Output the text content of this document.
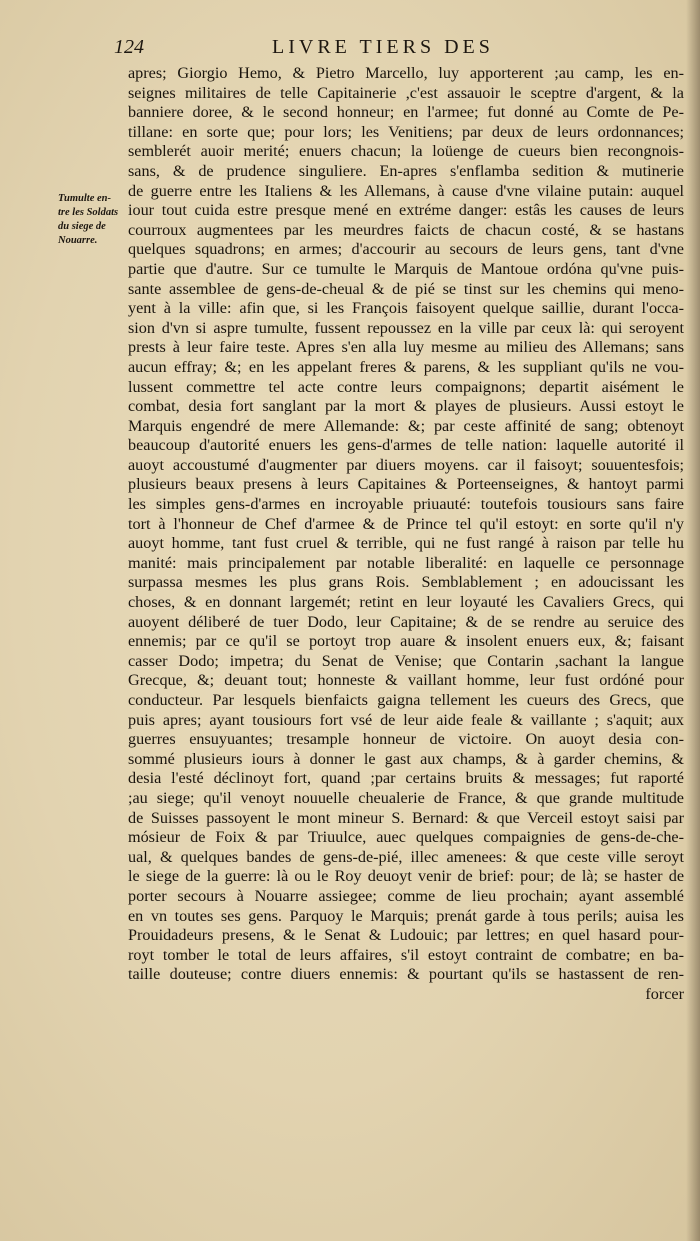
124	LIVRE TIERS DES
Tumulte en-
tre les Soldats
du siege de
Nouarre.
apres; Giorgio Hemo, & Pietro Marcello, luy apporterent ;au camp, les en-
seignes militaires de telle Capitainerie ,c'est assauoir le sceptre d'argent, & la
banniere doree, & le second honneur; en l'armee; fut donné au Comte de Pe-
tillane: en sorte que; pour lors; les Venitiens; par deux de leurs ordonnances;
semblerét auoir merité; enuers chacun; la loüenge de cueurs bien recongnois-
sans, & de prudence singuliere. En-apres s'enflamba sedition & mutinerie
de guerre entre les Italiens & les Allemans, à cause d'vne vilaine putain: auquel
iour tout cuida estre presque mené en extréme danger: estâs les causes de leurs
courroux augmentees par les meurdres faicts de chacun costé, & se hastans
quelques squadrons; en armes; d'accourir au secours de leurs gens, tant d'vne
partie que d'autre. Sur ce tumulte le Marquis de Mantoue ordóna qu'vne puis-
sante assemblee de gens-de-cheual & de pié se tinst sur les chemins qui meno-
yent à la ville: afin que, si les François faisoyent quelque saillie, durant l'occa-
sion d'vn si aspre tumulte, fussent repoussez en la ville par ceux là: qui seroyent
prests à leur faire teste. Apres s'en alla luy mesme au milieu des Allemans; sans
aucun effray; &; en les appelant freres & parens, & les suppliant qu'ils ne vou-
lussent commettre tel acte contre leurs compaignons; departit aisément le
combat, desia fort sanglant par la mort & playes de plusieurs. Aussi estoyt le
Marquis engendré de mere Allemande: &; par ceste affinité de sang; obtenoyt
beaucoup d'autorité enuers les gens-d'armes de telle nation: laquelle autorité il
auoyt accoustumé d'augmenter par diuers moyens. car il faisoyt; souuentesfois;
plusieurs beaux presens à leurs Capitaines & Porteenseignes, & hantoyt parmi
les simples gens-d'armes en incroyable priuauté: toutefois tousiours sans faire
tort à l'honneur de Chef d'armee & de Prince tel qu'il estoyt: en sorte qu'il n'y
auoyt homme, tant fust cruel & terrible, qui ne fust rangé à raison par telle hu
manité: mais principalement par notable liberalité: en laquelle ce personnage
surpassa mesmes les plus grans Rois. Semblablement ; en adoucissant les
choses, & en donnant largemét; retint en leur loyauté les Cavaliers Grecs, qui
auoyent déliberé de tuer Dodo, leur Capitaine; & de se rendre au seruice des
ennemis; par ce qu'il se portoyt trop auare & insolent enuers eux, &; faisant
casser Dodo; impetra; du Senat de Venise; que Contarin ,sachant la langue
Grecque, &; deuant tout; honneste & vaillant homme, leur fust ordóné pour
conducteur. Par lesquels bienfaicts gaigna tellement les cueurs des Grecs, que
puis apres; ayant tousiours fort vsé de leur aide feale & vaillante ; s'aquit; aux
guerres ensuyuantes; tresample honneur de victoire. On auoyt desia con-
sommé plusieurs iours à donner le gast aux champs, & à garder chemins, &
desia l'esté déclinoyt fort, quand ;par certains bruits & messages; fut raporté
;au siege; qu'il venoyt nouuelle cheualerie de France, & que grande multitude
de Suisses passoyent le mont mineur S. Bernard: & que Verceil estoyt saisi par
mósieur de Foix & par Triuulce, auec quelques compaignies de gens-de-che-
ual, & quelques bandes de gens-de-pié, illec amenees: & que ceste ville seroyt
le siege de la guerre: là ou le Roy deuoyt venir de brief: pour; de là; se haster de
porter secours à Nouarre assiegee; comme de lieu prochain; ayant assemblé
en vn toutes ses gens. Parquoy le Marquis; prenát garde à tous perils; auisa les
Prouidadeurs presens, & le Senat & Ludouic; par lettres; en quel hasard pour-
royt tomber le total de leurs affaires, s'il estoyt contraint de combatre; en ba-
taille douteuse; contre diuers ennemis: & pourtant qu'ils se hastassent de ren-
forcer
